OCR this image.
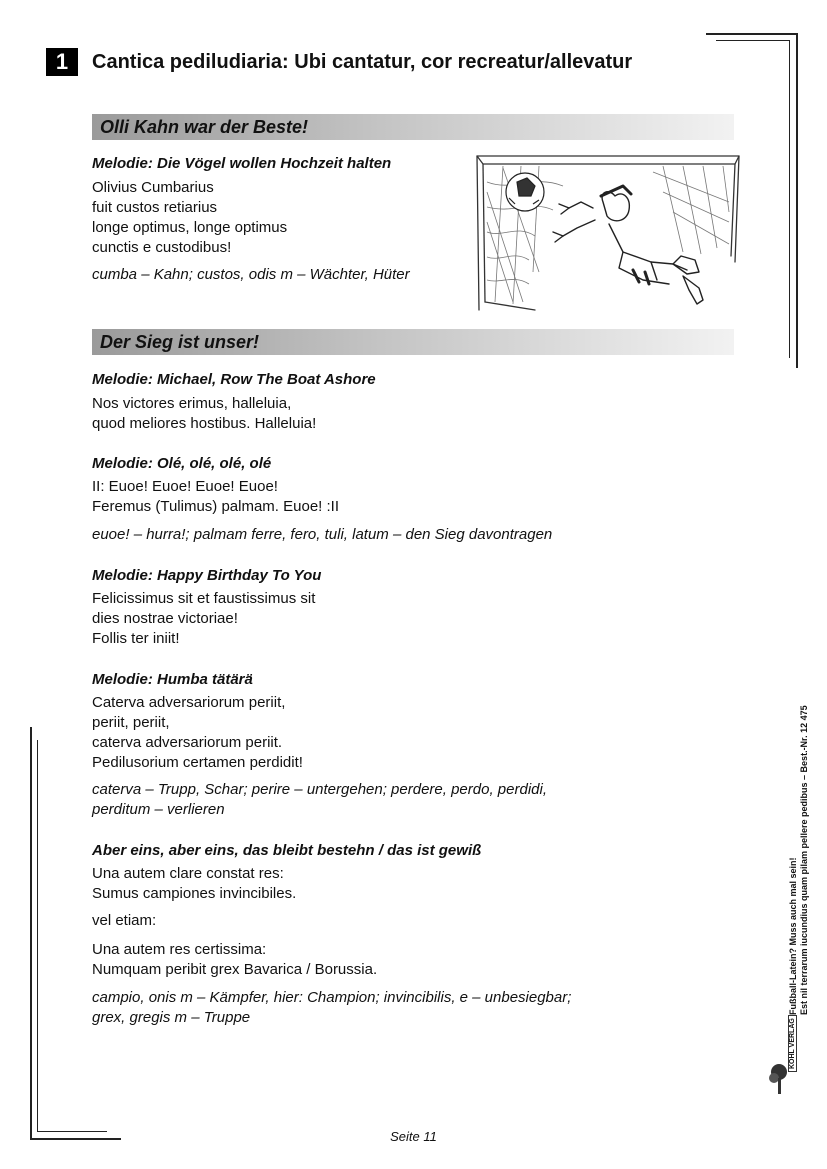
1	Cantica pediludiaria: Ubi cantatur, cor recreatur/allevatur
Olli Kahn war der Beste!
Melodie: Die Vögel wollen Hochzeit halten
Olivius Cumbarius
fuit custos retiarius
longe optimus, longe optimus
cunctis e custodibus!
cumba – Kahn; custos, odis m – Wächter, Hüter
Der Sieg ist unser!
Melodie: Michael, Row The Boat Ashore
Nos victores erimus, halleluia,
quod meliores hostibus. Halleluia!
Melodie: Olé, olé, olé, olé
II: Euoe! Euoe! Euoe! Euoe!
Feremus (Tulimus) palmam. Euoe! :II
euoe! – hurra!; palmam ferre, fero, tuli, latum – den Sieg davontragen
Melodie: Happy Birthday To You
Felicissimus sit et faustissimus sit
dies nostrae victoriae!
Follis ter iniit!
Melodie: Humba tätärä
Caterva adversariorum periit,
periit, periit,
caterva adversariorum periit.
Pedilusorium certamen perdidit!
caterva – Trupp, Schar; perire – untergehen; perdere, perdo, perdidi,
perditum – verlieren
Aber eins, aber eins, das bleibt bestehn / das ist gewiß
Una autem clare constat res:
Sumus campiones invincibiles.
vel etiam:
Una autem res certissima:
Numquam peribit grex Bavarica / Borussia.
campio, onis m – Kämpfer, hier: Champion; invincibilis, e – unbesiegbar;
grex, gregis m – Truppe
Fußball-Latein? Muss auch mal sein! Est nil terrarum iucundius quam pilam pellere pedibus – Best.-Nr. 12 475
KOHL VERLAG
Seite 11
